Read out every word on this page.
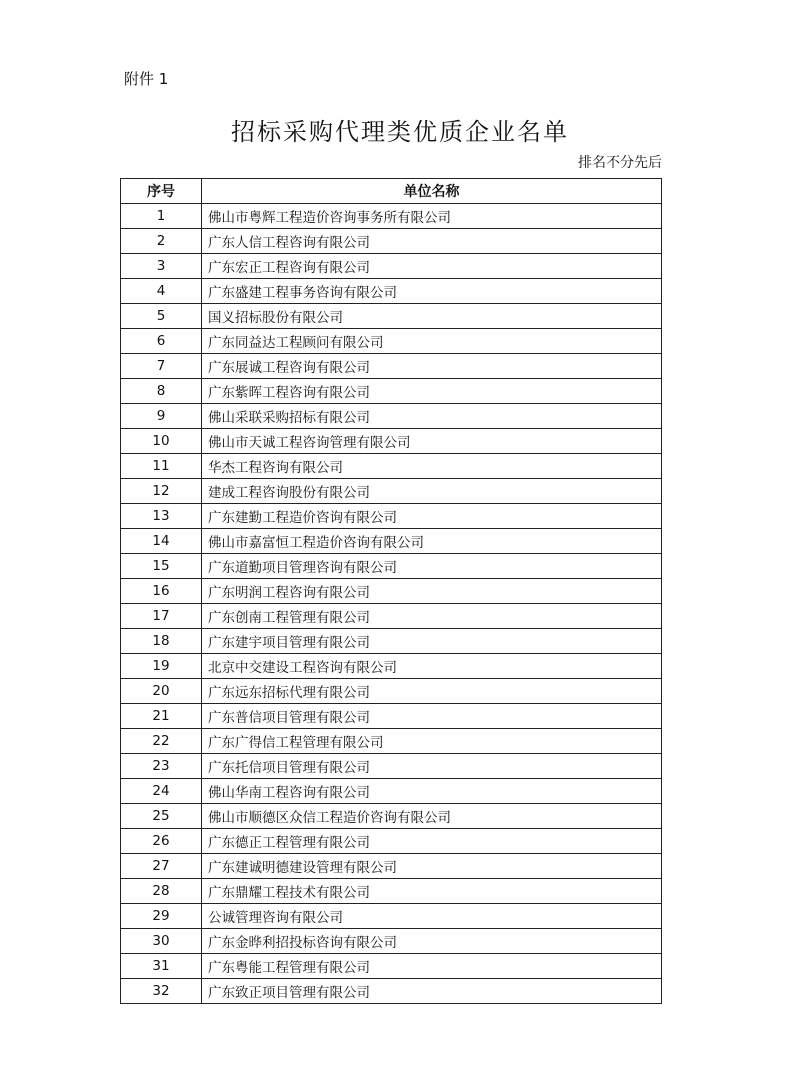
附件 1
招标采购代理类优质企业名单
排名不分先后
序号	单位名称
1	佛山市粤辉工程造价咨询事务所有限公司
2	广东人信工程咨询有限公司
3	广东宏正工程咨询有限公司
4	广东盛建工程事务咨询有限公司
5	国义招标股份有限公司
6	广东同益达工程顾问有限公司
7	广东展诚工程咨询有限公司
8	广东紫晖工程咨询有限公司
9	佛山采联采购招标有限公司
10	佛山市天诚工程咨询管理有限公司
11	华杰工程咨询有限公司
12	建成工程咨询股份有限公司
13	广东建勤工程造价咨询有限公司
14	佛山市嘉富恒工程造价咨询有限公司
15	广东道勤项目管理咨询有限公司
16	广东明润工程咨询有限公司
17	广东创南工程管理有限公司
18	广东建宇项目管理有限公司
19	北京中交建设工程咨询有限公司
20	广东远东招标代理有限公司
21	广东普信项目管理有限公司
22	广东广得信工程管理有限公司
23	广东托信项目管理有限公司
24	佛山华南工程咨询有限公司
25	佛山市顺德区众信工程造价咨询有限公司
26	广东德正工程管理有限公司
27	广东建诚明德建设管理有限公司
28	广东鼎耀工程技术有限公司
29	公诚管理咨询有限公司
30	广东金晔利招投标咨询有限公司
31	广东粤能工程管理有限公司
32	广东致正项目管理有限公司
